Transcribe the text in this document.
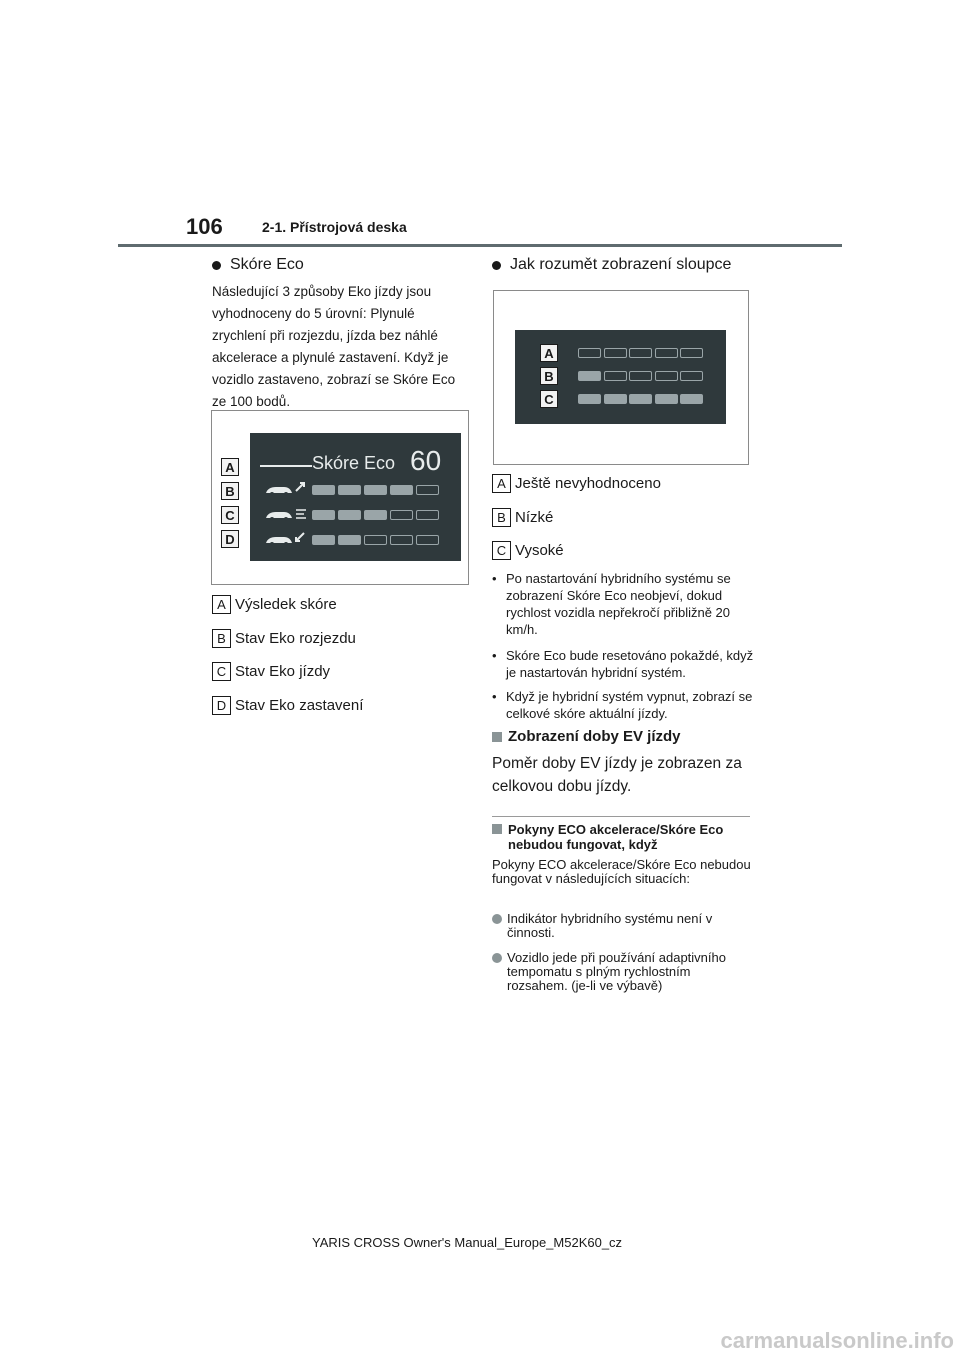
106	2-1. Přístrojová deska
Skóre Eco
Následující 3 způsoby Eko jízdy jsou vyhodnoceny do 5 úrovní: Plynulé zrychlení při rozjezdu, jízda bez náhlé akcelerace a plynulé zastavení. Když je vozidlo zastaveno, zobrazí se Skóre Eco ze 100 bodů.
Skóre Eco 60
A
B
C
D
A Výsledek skóre
B Stav Eko rozjezdu
C Stav Eko jízdy
D Stav Eko zastavení
Jak rozumět zobrazení sloupce
A
B
C
A Ještě nevyhodnoceno
B Nízké
C Vysoké
• Po nastartování hybridního systému se zobrazení Skóre Eco neobjeví, dokud rychlost vozidla nepřekročí přibližně 20 km/h.
• Skóre Eco bude resetováno pokaždé, když je nastartován hybridní systém.
• Když je hybridní systém vypnut, zobrazí se celkové skóre aktuální jízdy.
Zobrazení doby EV jízdy
Poměr doby EV jízdy je zobrazen za celkovou dobu jízdy.
Pokyny ECO akcelerace/Skóre Eco nebudou fungovat, když
Pokyny ECO akcelerace/Skóre Eco nebudou fungovat v následujících situacích:
Indikátor hybridního systému není v činnosti.
Vozidlo jede při používání adaptivního tempomatu s plným rychlostním rozsahem. (je-li ve výbavě)
YARIS CROSS Owner's Manual_Europe_M52K60_cz
carmanualsonline.info
